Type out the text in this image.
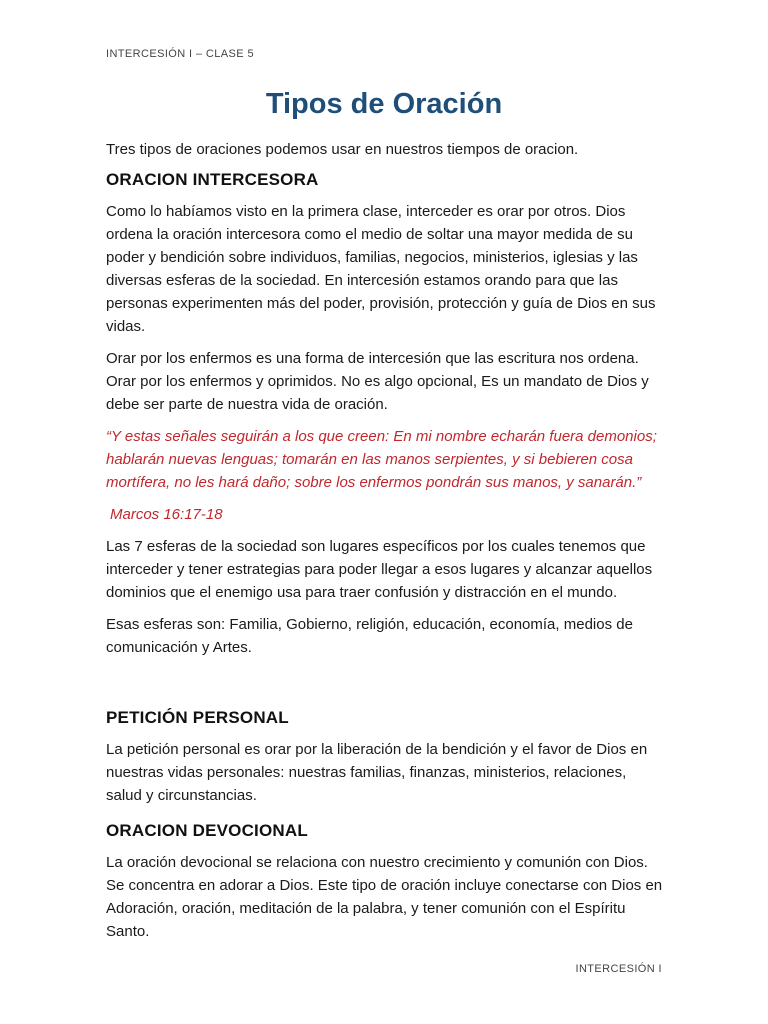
INTERCESIÓN I – CLASE 5
Tipos de Oración

Tres tipos de oraciones podemos usar en nuestros tiempos de oracion.

ORACION INTERCESORA

Como lo habíamos visto en la primera clase, interceder es orar por otros. Dios ordena la oración intercesora como el medio de soltar una mayor medida de su poder y bendición sobre individuos, familias, negocios, ministerios, iglesias y las diversas esferas de la sociedad. En intercesión estamos orando para que las personas experimenten más del poder, provisión, protección y guía de Dios en sus vidas.

Orar por los enfermos es una forma de intercesión que las escritura nos ordena. Orar por los enfermos y oprimidos. No es algo opcional, Es un mandato de Dios y debe ser parte de nuestra vida de oración.

“Y estas señales seguirán a los que creen: En mi nombre echarán fuera demonios; hablarán nuevas lenguas; tomarán en las manos serpientes, y si bebieren cosa mortífera, no les hará daño; sobre los enfermos pondrán sus manos, y sanarán.”

Marcos 16:17-18

Las 7 esferas de la sociedad son lugares específicos por los cuales tenemos que interceder y tener estrategias para poder llegar a esos lugares y alcanzar aquellos dominios que el enemigo usa para traer confusión y distracción en el mundo.

Esas esferas son: Familia, Gobierno, religión, educación, economía, medios de comunicación y Artes.

PETICIÓN PERSONAL

La petición personal es orar por la liberación de la bendición y el favor de Dios en nuestras vidas personales: nuestras familias, finanzas, ministerios, relaciones, salud y circunstancias.

ORACION DEVOCIONAL

La oración devocional se relaciona con nuestro crecimiento y comunión con Dios. Se concentra en adorar a Dios. Este tipo de oración incluye conectarse con Dios en Adoración, oración, meditación de la palabra, y tener comunión con el Espíritu Santo.

INTERCESIÓN I
